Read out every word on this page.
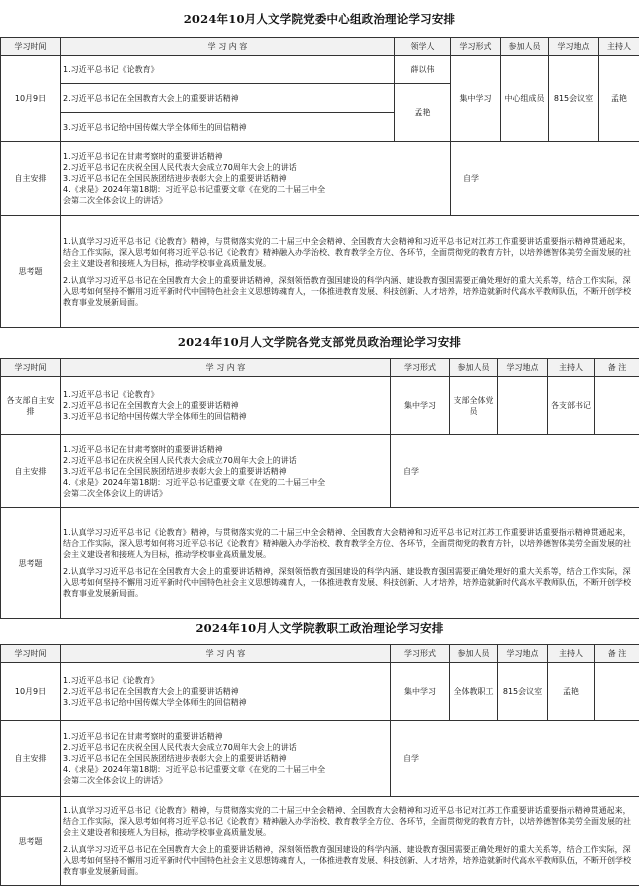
2024年10月人文学院党委中心组政治理论学习安排
学习时间	学 习 内 容	领学人	学习形式	参加人员	学习地点	主持人
10月9日	1.习近平总书记《论教育》	薛以伟	集中学习	中心组成员	815会议室	孟艳
	2.习近平总书记在全国教育大会上的重要讲话精神	孟艳				
	3.习近平总书记给中国传媒大学全体师生的回信精神					
自主安排	1.习近平总书记在甘肃考察时的重要讲话精神
2.习近平总书记在庆祝全国人民代表大会成立70周年大会上的讲话
3.习近平总书记在全国民族团结进步表彰大会上的重要讲话精神
4.《求是》2024年第18期：习近平总书记重要文章《在党的二十届三中全
会第二次全体会议上的讲话》		自学			
思考题	1.认真学习习近平总书记《论教育》精神，与贯彻落实党的二十届三中全会精神、全国教育大会精神和习近平总书记对江苏工作重要讲话重要指示精神贯通起来，结合工作实际，深入思考如何将习近平总书记《论教育》精神融入办学治校、教育教学全方位、各环节，全面贯彻党的教育方针，以培养德智体美劳全面发展的社会主义建设者和接班人为目标，推动学校事业高质量发展。

2.认真学习习近平总书记在全国教育大会上的重要讲话精神，深刻领悟教育强国建设的科学内涵、建设教育强国需要正确处理好的重大关系等，结合工作实际，深入思考如何坚持不懈用习近平新时代中国特色社会主义思想铸魂育人，一体推进教育发展、科技创新、人才培养，培养造就新时代高水平教师队伍，不断开创学校教育事业发展新局面。					

2024年10月人文学院各党支部党员政治理论学习安排
学习时间	学 习 内 容	学习形式	参加人员	学习地点	主持人	备 注
各支部自主安排	1.习近平总书记《论教育》
2.习近平总书记在全国教育大会上的重要讲话精神
3.习近平总书记给中国传媒大学全体师生的回信精神	集中学习	支部全体党员		各支部书记	
自主安排	1.习近平总书记在甘肃考察时的重要讲话精神
2.习近平总书记在庆祝全国人民代表大会成立70周年大会上的讲话
3.习近平总书记在全国民族团结进步表彰大会上的重要讲话精神
4.《求是》2024年第18期：习近平总书记重要文章《在党的二十届三中全
会第二次全体会议上的讲话》	自学				
思考题	1.认真学习习近平总书记《论教育》精神，与贯彻落实党的二十届三中全会精神、全国教育大会精神和习近平总书记对江苏工作重要讲话重要指示精神贯通起来，结合工作实际，深入思考如何将习近平总书记《论教育》精神融入办学治校、教育教学全方位、各环节，全面贯彻党的教育方针，以培养德智体美劳全面发展的社会主义建设者和接班人为目标，推动学校事业高质量发展。

2.认真学习习近平总书记在全国教育大会上的重要讲话精神，深刻领悟教育强国建设的科学内涵、建设教育强国需要正确处理好的重大关系等，结合工作实际，深入思考如何坚持不懈用习近平新时代中国特色社会主义思想铸魂育人，一体推进教育发展、科技创新、人才培养，培养造就新时代高水平教师队伍，不断开创学校教育事业发展新局面。					

2024年10月人文学院教职工政治理论学习安排
学习时间	学 习 内 容	学习形式	参加人员	学习地点	主持人	备 注
10月9日	1.习近平总书记《论教育》
2.习近平总书记在全国教育大会上的重要讲话精神
3.习近平总书记给中国传媒大学全体师生的回信精神	集中学习	全体教职工	815会议室	孟艳	
自主安排	1.习近平总书记在甘肃考察时的重要讲话精神
2.习近平总书记在庆祝全国人民代表大会成立70周年大会上的讲话
3.习近平总书记在全国民族团结进步表彰大会上的重要讲话精神
4.《求是》2024年第18期：习近平总书记重要文章《在党的二十届三中全
会第二次全体会议上的讲话》	自学				
思考题	1.认真学习习近平总书记《论教育》精神，与贯彻落实党的二十届三中全会精神、全国教育大会精神和习近平总书记对江苏工作重要讲话重要指示精神贯通起来，结合工作实际，深入思考如何将习近平总书记《论教育》精神融入办学治校、教育教学全方位、各环节，全面贯彻党的教育方针，以培养德智体美劳全面发展的社会主义建设者和接班人为目标，推动学校事业高质量发展。

2.认真学习习近平总书记在全国教育大会上的重要讲话精神，深刻领悟教育强国建设的科学内涵、建设教育强国需要正确处理好的重大关系等，结合工作实际，深入思考如何坚持不懈用习近平新时代中国特色社会主义思想铸魂育人，一体推进教育发展、科技创新、人才培养，培养造就新时代高水平教师队伍，不断开创学校教育事业发展新局面。					
